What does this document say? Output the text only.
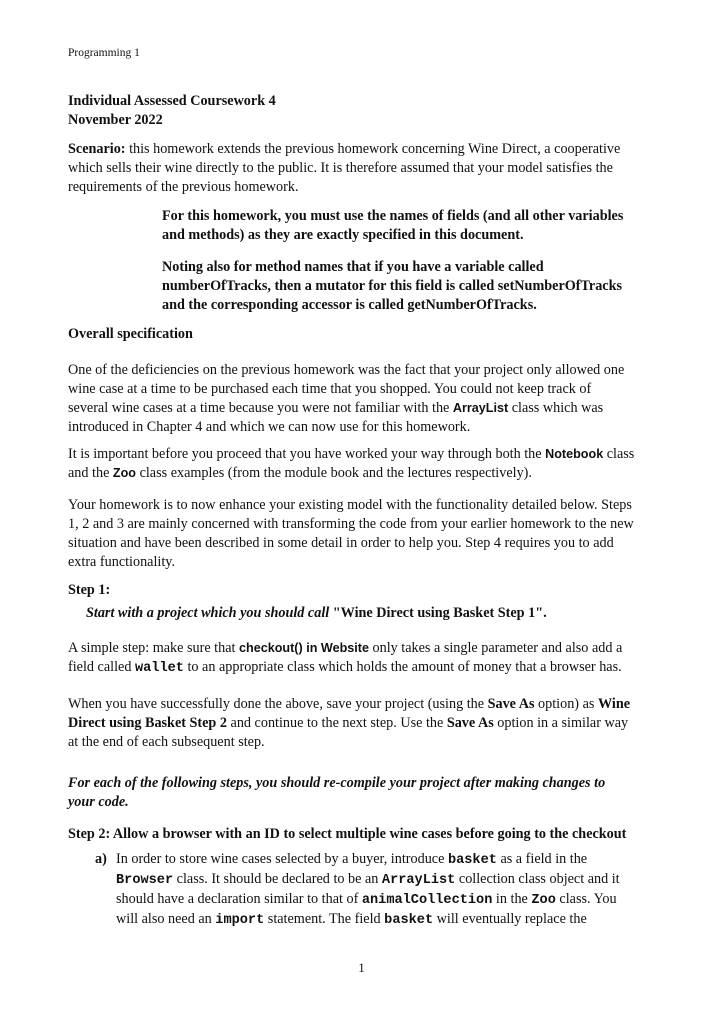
Programming 1
Individual Assessed Coursework 4
November 2022
Scenario: this homework extends the previous homework concerning Wine Direct, a cooperative
which sells their wine directly to the public. It is therefore assumed that your model satisfies the
requirements of the previous homework.
For this homework, you must use the names of fields (and all other variables
and methods) as they are exactly specified in this document.
Noting also for method names that if you have a variable called
numberOfTracks, then a mutator for this field is called setNumberOfTracks
and the corresponding accessor is called getNumberOfTracks.
Overall specification
One of the deficiencies on the previous homework was the fact that your project only allowed one
wine case at a time to be purchased each time that you shopped. You could not keep track of
several wine cases at a time because you were not familiar with the ArrayList class which was
introduced in Chapter 4 and which we can now use for this homework.
It is important before you proceed that you have worked your way through both the Notebook class
and the Zoo class examples (from the module book and the lectures respectively).
Your homework is to now enhance your existing model with the functionality detailed below. Steps
1, 2 and 3 are mainly concerned with transforming the code from your earlier homework to the new
situation and have been described in some detail in order to help you. Step 4 requires you to add
extra functionality.
Step 1:
Start with a project which you should call "Wine Direct using Basket Step 1".
A simple step: make sure that checkout() in Website only takes a single parameter and also add a
field called wallet to an appropriate class which holds the amount of money that a browser has.
When you have successfully done the above, save your project (using the Save As option) as Wine
Direct using Basket Step 2 and continue to the next step. Use the Save As option in a similar way
at the end of each subsequent step.
For each of the following steps, you should re-compile your project after making changes to
your code.
Step 2: Allow a browser with an ID to select multiple wine cases before going to the checkout
a) In order to store wine cases selected by a buyer, introduce basket as a field in the
Browser class. It should be declared to be an ArrayList collection class object and it
should have a declaration similar to that of animalCollection in the Zoo class. You
will also need an import statement. The field basket will eventually replace the
1
